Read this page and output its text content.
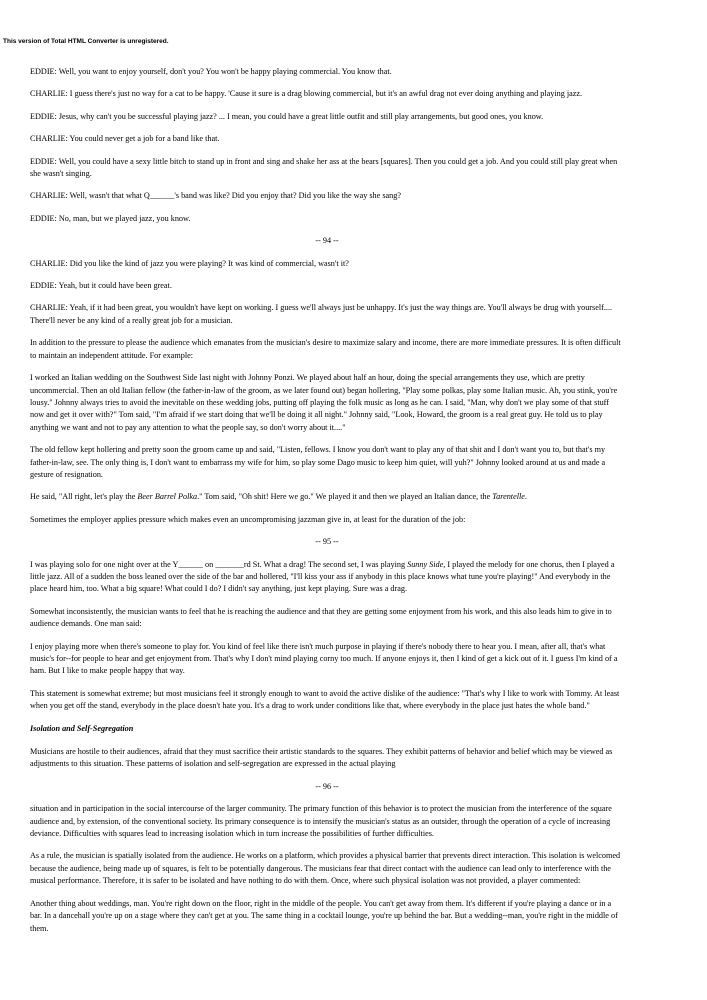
This version of Total HTML Converter is unregistered.

EDDIE: Well, you want to enjoy yourself, don't you? You won't be happy playing commercial. You know that.

CHARLIE: I guess there's just no way for a cat to be happy. 'Cause it sure is a drag blowing commercial, but it's an awful drag not ever doing anything and playing jazz.

EDDIE: Jesus, why can't you be successful playing jazz? ... I mean, you could have a great little outfit and still play arrangements, but good ones, you know.

CHARLIE: You could never get a job for a band like that.

EDDIE: Well, you could have a sexy little bitch to stand up in front and sing and shake her ass at the bears [squares]. Then you could get a job. And you could still play great when she wasn't singing.

CHARLIE: Well, wasn't that what Q______'s band was like? Did you enjoy that? Did you like the way she sang?

EDDIE: No, man, but we played jazz, you know.

-- 94 --

CHARLIE: Did you like the kind of jazz you were playing? It was kind of commercial, wasn't it?

EDDIE: Yeah, but it could have been great.

CHARLIE: Yeah, if it had been great, you wouldn't have kept on working. I guess we'll always just be unhappy. It's just the way things are. You'll always be drug with yourself.... There'll never be any kind of a really great job for a musician.

In addition to the pressure to please the audience which emanates from the musician's desire to maximize salary and income, there are more immediate pressures. It is often difficult to maintain an independent attitude. For example:

I worked an Italian wedding on the Southwest Side last night with Johnny Ponzi. We played about half an hour, doing the special arrangements they use, which are pretty uncommercial. Then an old Italian fellow (the father-in-law of the groom, as we later found out) began hollering, "Play some polkas, play some Italian music. Ah, you stink, you're lousy." Johnny always tries to avoid the inevitable on these wedding jobs, putting off playing the folk music as long as he can. I said, "Man, why don't we play some of that stuff now and get it over with?" Tom said, "I'm afraid if we start doing that we'll be doing it all night." Johnny said, "Look, Howard, the groom is a real great guy. He told us to play anything we want and not to pay any attention to what the people say, so don't worry about it...."

The old fellow kept hollering and pretty soon the groom came up and said, "Listen, fellows. I know you don't want to play any of that shit and I don't want you to, but that's my father-in-law, see. The only thing is, I don't want to embarrass my wife for him, so play some Dago music to keep him quiet, will yuh?" Johnny looked around at us and made a gesture of resignation.

He said, "All right, let's play the Beer Barrel Polka." Tom said, "Oh shit! Here we go." We played it and then we played an Italian dance, the Tarentelle.

Sometimes the employer applies pressure which makes even an uncompromising jazzman give in, at least for the duration of the job:

-- 95 --

I was playing solo for one night over at the Y______ on _______rd St. What a drag! The second set, I was playing Sunny Side, I played the melody for one chorus, then I played a little jazz. All of a sudden the boss leaned over the side of the bar and hollered, "I'll kiss your ass if anybody in this place knows what tune you're playing!" And everybody in the place heard him, too. What a big square! What could I do? I didn't say anything, just kept playing. Sure was a drag.

Somewhat inconsistently, the musician wants to feel that he is reaching the audience and that they are getting some enjoyment from his work, and this also leads him to give in to audience demands. One man said:

I enjoy playing more when there's someone to play for. You kind of feel like there isn't much purpose in playing if there's nobody there to hear you. I mean, after all, that's what music's for--for people to hear and get enjoyment from. That's why I don't mind playing corny too much. If anyone enjoys it, then I kind of get a kick out of it. I guess I'm kind of a ham. But I like to make people happy that way.

This statement is somewhat extreme; but most musicians feel it strongly enough to want to avoid the active dislike of the audience: "That's why I like to work with Tommy. At least when you get off the stand, everybody in the place doesn't hate you. It's a drag to work under conditions like that, where everybody in the place just hates the whole band."

Isolation and Self-Segregation

Musicians are hostile to their audiences, afraid that they must sacrifice their artistic standards to the squares. They exhibit patterns of behavior and belief which may be viewed as adjustments to this situation. These patterns of isolation and self-segregation are expressed in the actual playing

-- 96 --

situation and in participation in the social intercourse of the larger community. The primary function of this behavior is to protect the musician from the interference of the square audience and, by extension, of the conventional society. Its primary consequence is to intensify the musician's status as an outsider, through the operation of a cycle of increasing deviance. Difficulties with squares lead to increasing isolation which in turn increase the possibilities of further difficulties.

As a rule, the musician is spatially isolated from the audience. He works on a platform, which provides a physical barrier that prevents direct interaction. This isolation is welcomed because the audience, being made up of squares, is felt to be potentially dangerous. The musicians fear that direct contact with the audience can lead only to interference with the musical performance. Therefore, it is safer to be isolated and have nothing to do with them. Once, where such physical isolation was not provided, a player commented:

Another thing about weddings, man. You're right down on the floor, right in the middle of the people. You can't get away from them. It's different if you're playing a dance or in a bar. In a dancehall you're up on a stage where they can't get at you. The same thing in a cocktail lounge, you're up behind the bar. But a wedding--man, you're right in the middle of them.
